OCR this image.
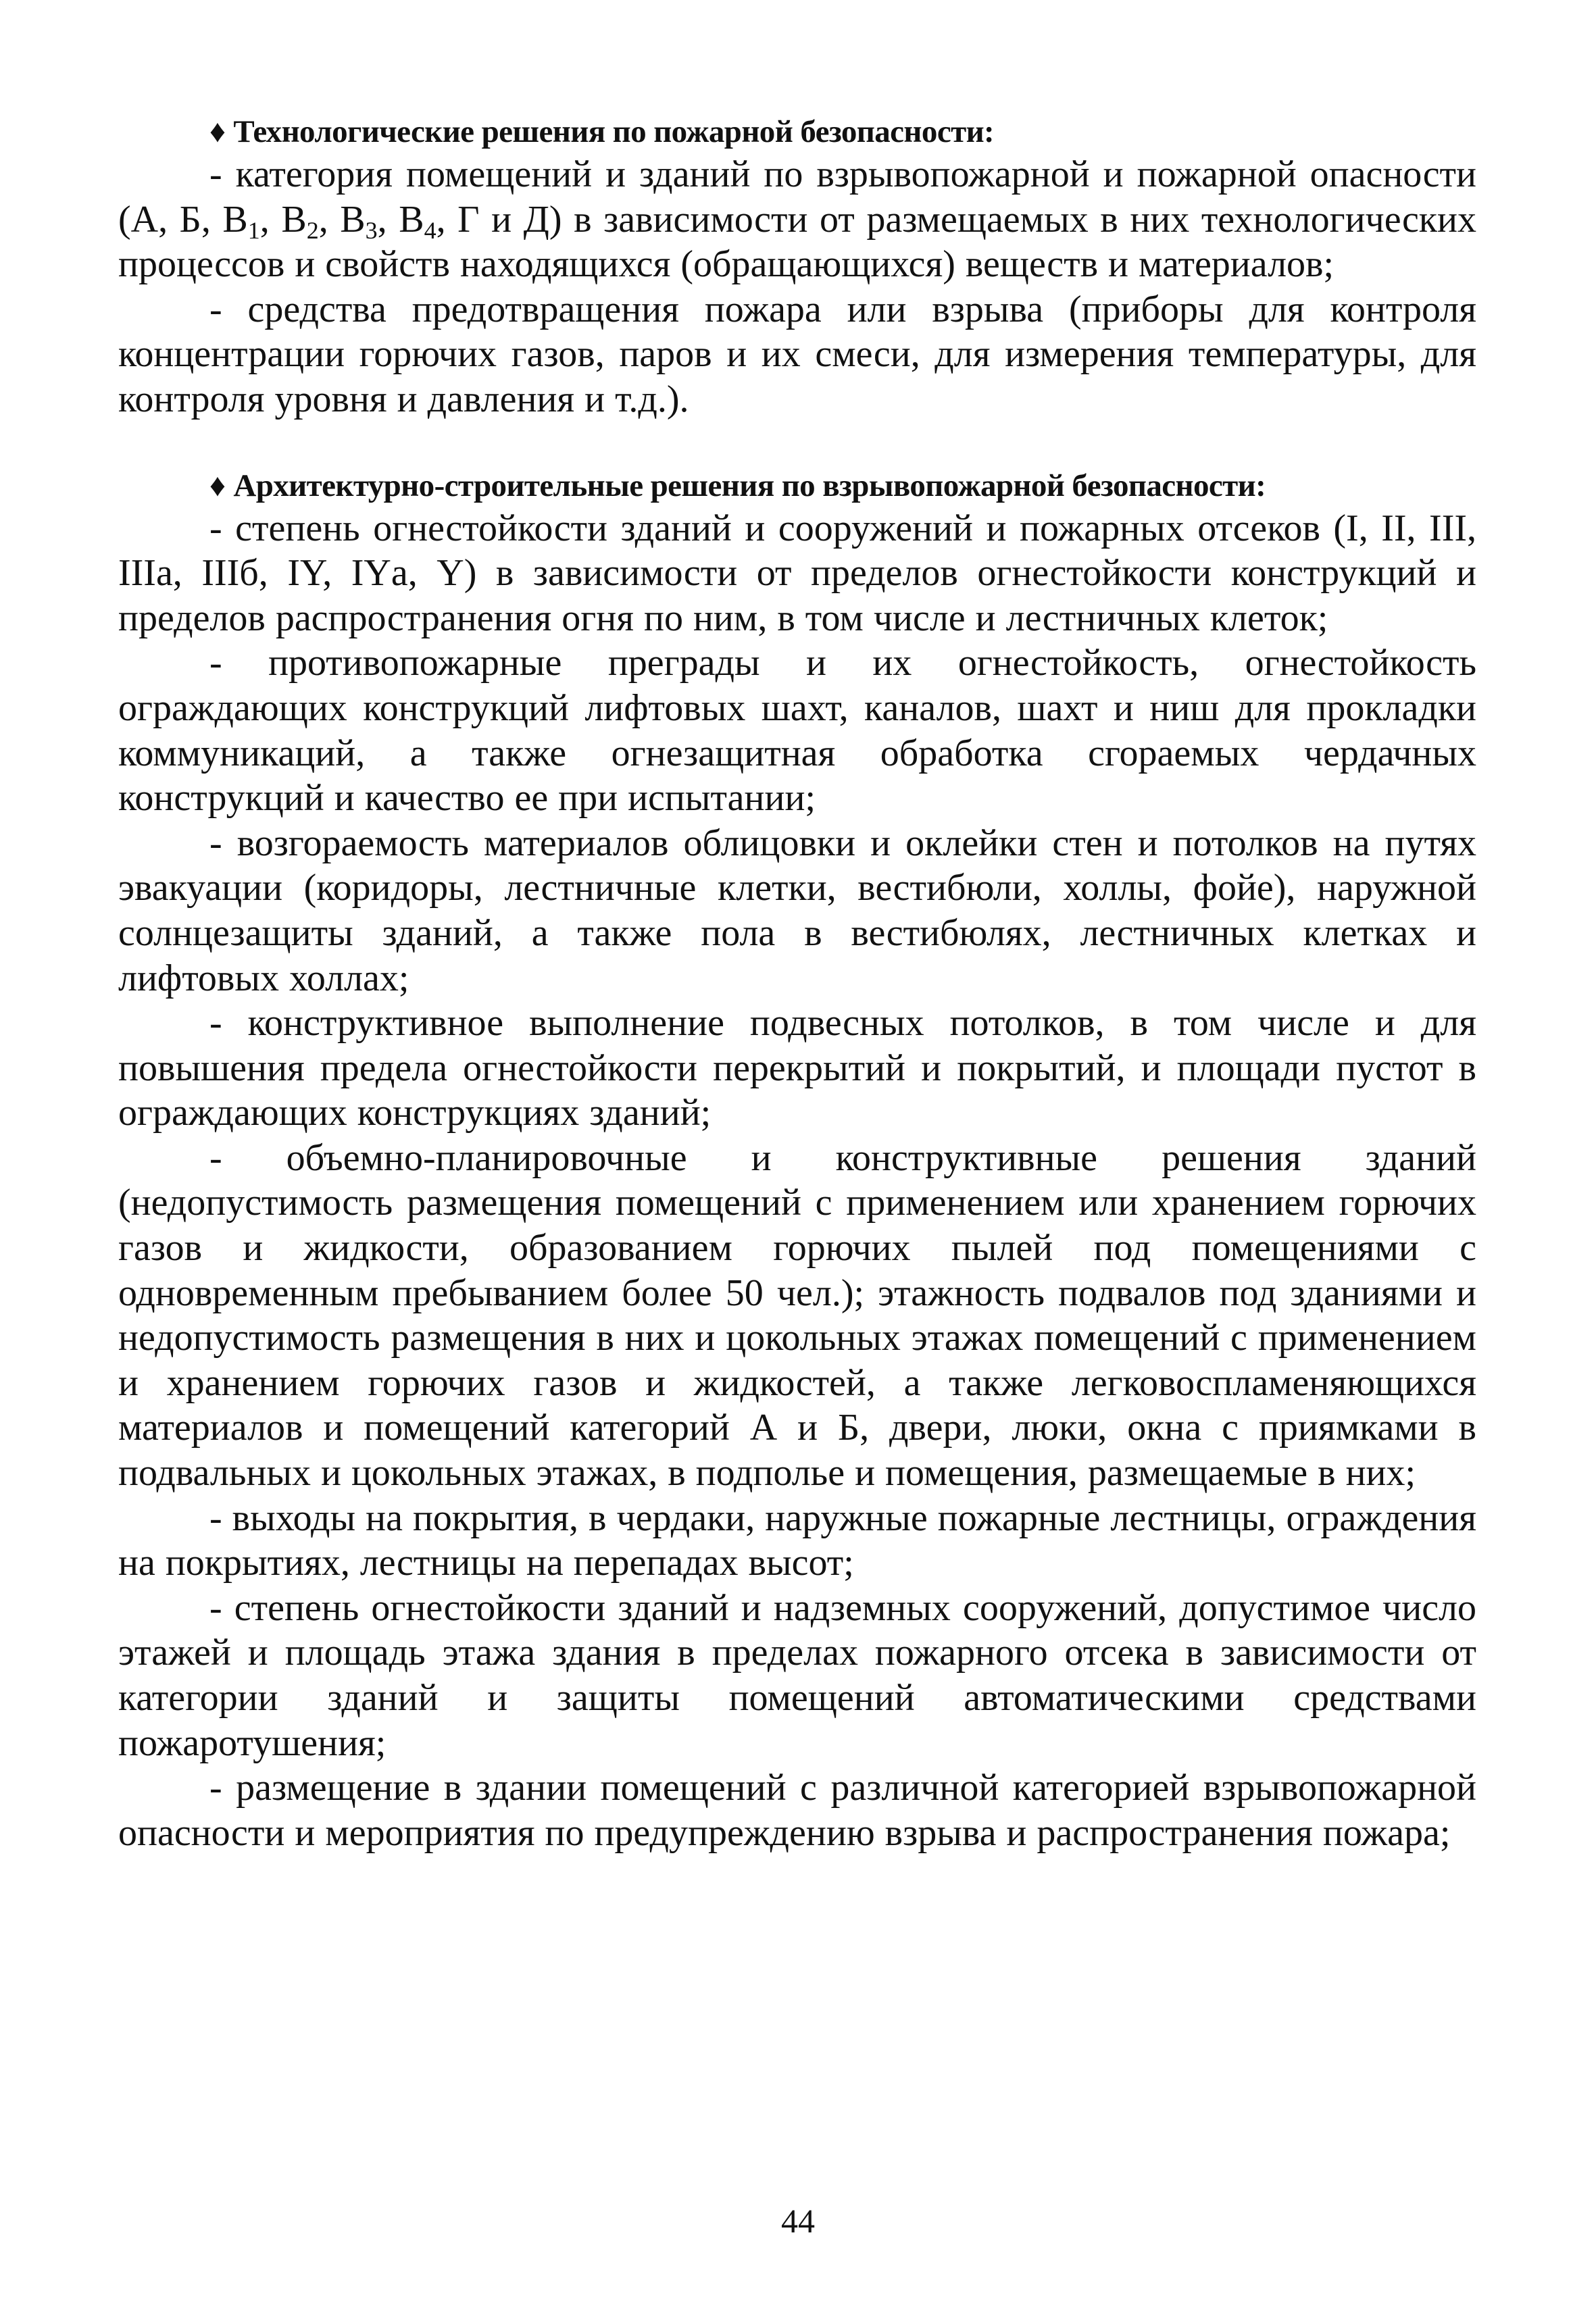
♦ Технологические решения по пожарной безопасности:

- категория помещений и зданий по взрывопожарной и пожарной опасности (А, Б, $В_1$, $В_2$, $В_3$, $В_4$, Г и Д) в зависимости от размещаемых в них технологических процессов и свойств находящихся (обращающихся) веществ и материалов;

- средства предотвращения пожара или взрыва (приборы для контроля концентрации горючих газов, паров и их смеси, для измерения температуры, для контроля уровня и давления и т.д.).

♦ Архитектурно-строительные решения по взрывопожарной безопасности:

- степень огнестойкости зданий и сооружений и пожарных отсеков (I, II, III, IIIа, IIIб, IY, IYа, Y) в зависимости от пределов огнестойкости конструкций и пределов распространения огня по ним, в том числе и лестничных клеток;

- противопожарные преграды и их огнестойкость, огнестойкость ограждающих конструкций лифтовых шахт, каналов, шахт и ниш для прокладки коммуникаций, а также огнезащитная обработка сгораемых чердачных конструкций и качество ее при испытании;

- возгораемость материалов облицовки и оклейки стен и потолков на путях эвакуации (коридоры, лестничные клетки, вестибюли, холлы, фойе), наружной солнцезащиты зданий, а также пола в вестибюлях, лестничных клетках и лифтовых холлах;

- конструктивное выполнение подвесных потолков, в том числе и для повышения предела огнестойкости перекрытий и покрытий, и площади пустот в ограждающих конструкциях зданий;

- объемно-планировочные и конструктивные решения зданий (недопустимость размещения помещений с применением или хранением горючих газов и жидкости, образованием горючих пылей под помещениями с одновременным пребыванием более 50 чел.); этажность подвалов под зданиями и недопустимость размещения в них и цокольных этажах помещений с применением и хранением горючих газов и жидкостей, а также легковоспламеняющихся материалов и помещений категорий А и Б, двери, люки, окна с приямками в подвальных и цокольных этажах, в подполье и помещения, размещаемые в них;

- выходы на покрытия, в чердаки, наружные пожарные лестницы, ограждения на покрытиях, лестницы на перепадах высот;

- степень огнестойкости зданий и надземных сооружений, допустимое число этажей и площадь этажа здания в пределах пожарного отсека в зависимости от категории зданий и защиты помещений автоматическими средствами пожаротушения;

- размещение в здании помещений с различной категорией взрывопожарной опасности и мероприятия по предупреждению взрыва и распространения пожара;

44
